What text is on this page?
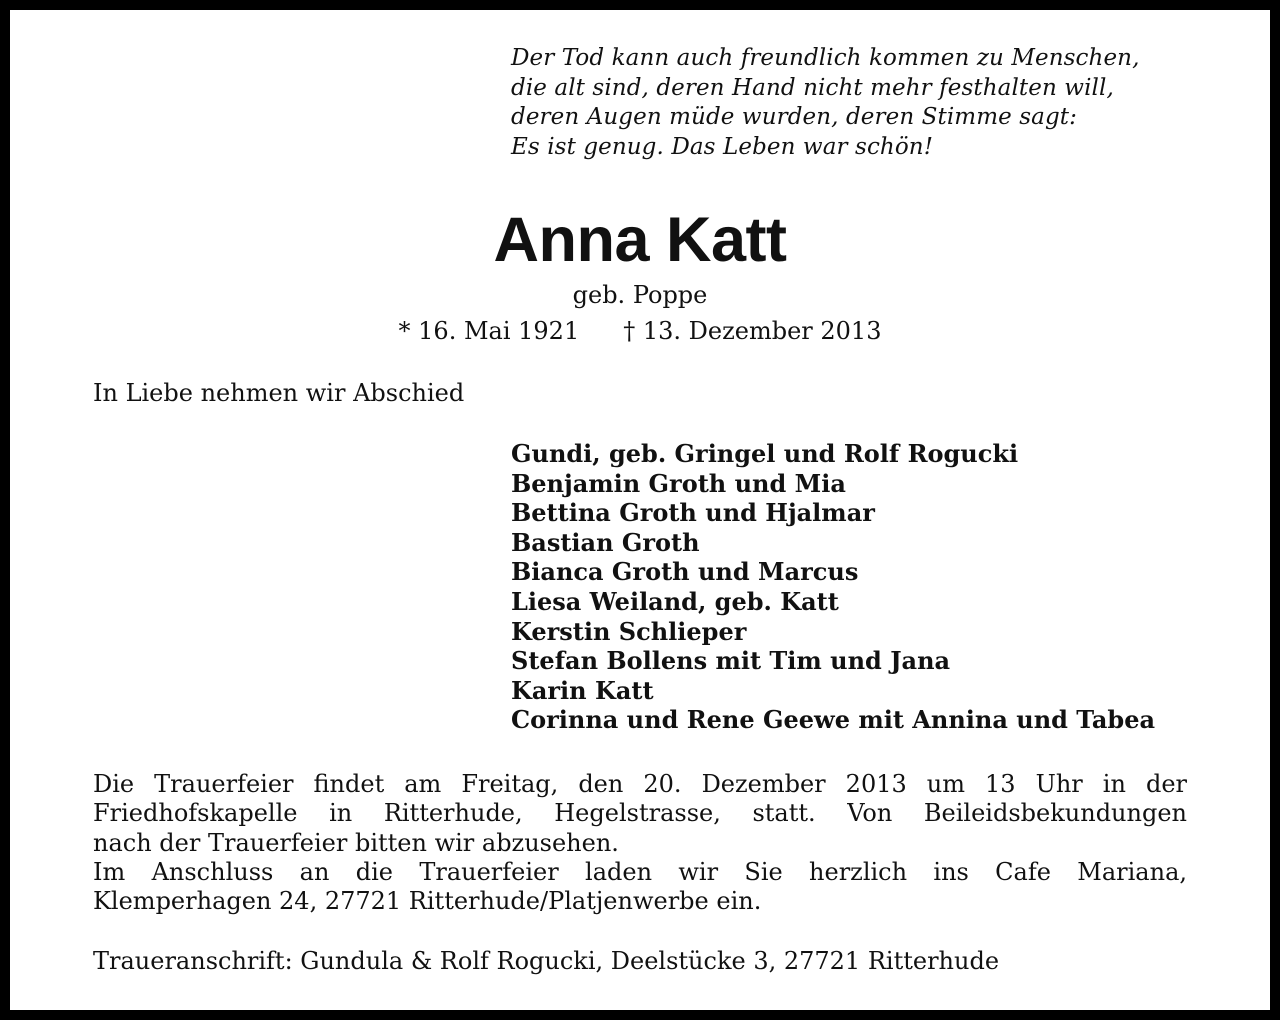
Der Tod kann auch freundlich kommen zu Menschen,
die alt sind, deren Hand nicht mehr festhalten will,
deren Augen müde wurden, deren Stimme sagt:
Es ist genug. Das Leben war schön!
Anna Katt
geb. Poppe
* 16. Mai 1921 † 13. Dezember 2013
In Liebe nehmen wir Abschied
Gundi, geb. Gringel und Rolf Rogucki
Benjamin Groth und Mia
Bettina Groth und Hjalmar
Bastian Groth
Bianca Groth und Marcus
Liesa Weiland, geb. Katt
Kerstin Schlieper
Stefan Bollens mit Tim und Jana
Karin Katt
Corinna und Rene Geewe mit Annina und Tabea
Die Trauerfeier findet am Freitag, den 20. Dezember 2013 um 13 Uhr in der
Friedhofskapelle in Ritterhude, Hegelstrasse, statt. Von Beileidsbekundungen
nach der Trauerfeier bitten wir abzusehen.
Im Anschluss an die Trauerfeier laden wir Sie herzlich ins Cafe Mariana,
Klemperhagen 24, 27721 Ritterhude/Platjenwerbe ein.
Traueranschrift: Gundula & Rolf Rogucki, Deelstücke 3, 27721 Ritterhude
